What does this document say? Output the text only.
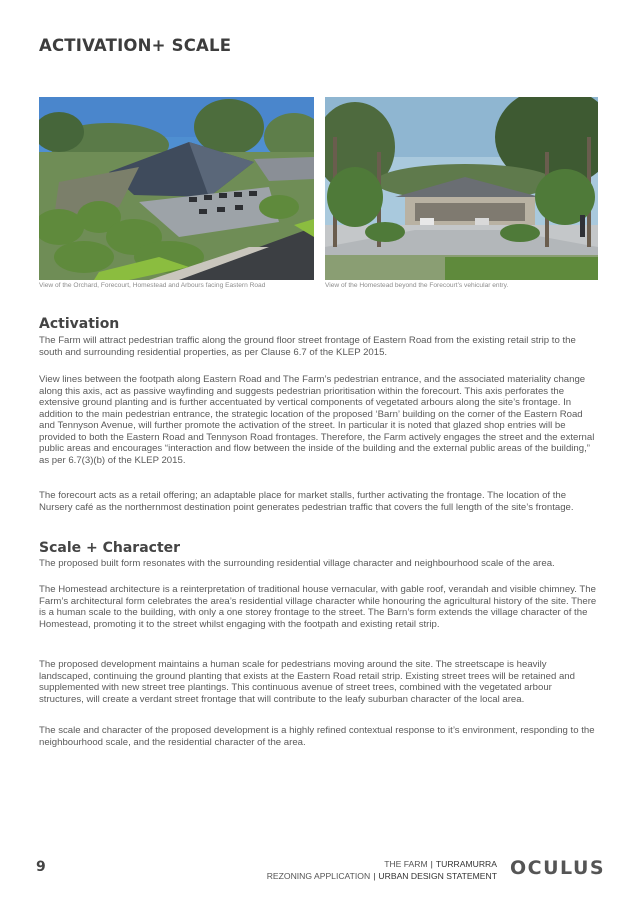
ACTIVATION+ SCALE
View of the Orchard, Forecourt, Homestead and Arbours facing Eastern Road	View of the Homestead beyond the Forecourt’s vehicular entry.
Activation

The Farm will attract pedestrian traffic along the ground floor street frontage of Eastern Road from the existing retail strip to the south and surrounding residential properties, as per Clause 6.7 of the KLEP 2015.

View lines between the footpath along Eastern Road and The Farm’s pedestrian entrance, and the associated materiality change along this axis, act as passive wayfinding and suggests pedestrian prioritisation within the forecourt. This axis perforates the extensive ground planting and is further accentuated by vertical components of vegetated arbours along the site’s frontage. In addition to the main pedestrian entrance, the strategic location of the proposed ‘Barn’ building on the corner of the Eastern Road and Tennyson Avenue, will further promote the activation of the street. In particular it is noted that glazed shop entries will be provided to both the Eastern Road and Tennyson Road frontages. Therefore, the Farm actively engages the street and the external public areas and encourages “interaction and flow between the inside of the building and the external public areas of the building,” as per 6.7(3)(b) of the KLEP 2015.

The forecourt acts as a retail offering; an adaptable place for market stalls, further activating the frontage. The location of the Nursery café as the northernmost destination point generates pedestrian traffic that covers the full length of the site’s frontage.

Scale + Character

The proposed built form resonates with the surrounding residential village character and neighbourhood scale of the area.

The Homestead architecture is a reinterpretation of traditional house vernacular, with gable roof, verandah and visible chimney. The Farm’s architectural form celebrates the area’s residential village character while honouring the agricultural history of the site. There is a human scale to the building, with only a one storey frontage to the street. The Barn’s form extends the village character of the Homestead, promoting it to the street whilst engaging with the footpath and existing retail strip.

The proposed development maintains a human scale for pedestrians moving around the site. The streetscape is heavily landscaped, continuing the ground planting that exists at the Eastern Road retail strip. Existing street trees will be retained and supplemented with new street tree plantings. This continuous avenue of street trees, combined with the vegetated arbour structures, will create a verdant street frontage that will contribute to the leafy suburban character of the local area.

The scale and character of the proposed development is a highly refined contextual response to it’s environment, responding to the neighbourhood scale, and the residential character of the area.

9	THE FARM | TURRAMURRA
REZONING APPLICATION | URBAN DESIGN STATEMENT OCULUS
